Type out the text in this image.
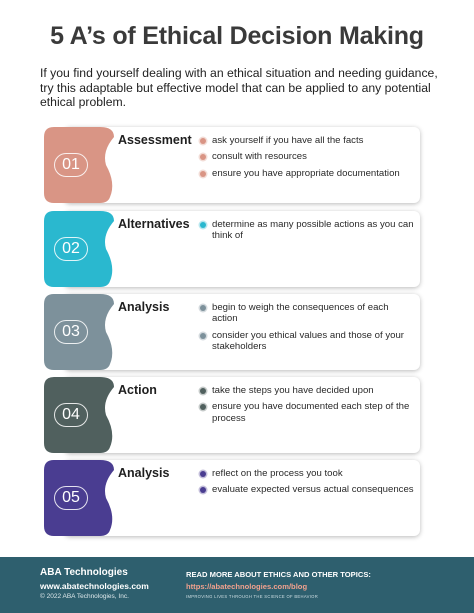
5 A’s of Ethical Decision Making
If you find yourself dealing with an ethical situation and needing guidance, try this adaptable but effective model that can be applied to any potential ethical problem.
01
Assessment	ask yourself if you have all the facts
consult with resources
ensure you have appropriate documentation
02
Alternatives	determine as many possible actions as you can think of
03
Analysis	begin to weigh the consequences of each action
consider you ethical values and those of your stakeholders
04
Action	take the steps you have decided upon
ensure you have documented each step of the process
05
Analysis	reflect on the process you took
evaluate expected versus actual consequences
ABA Technologies
www.abatechnologies.com
© 2022 ABA Technologies, Inc.
READ MORE ABOUT ETHICS AND OTHER TOPICS:
https://abatechnologies.com/blog
IMPROVING LIVES THROUGH THE SCIENCE OF BEHAVIOR
